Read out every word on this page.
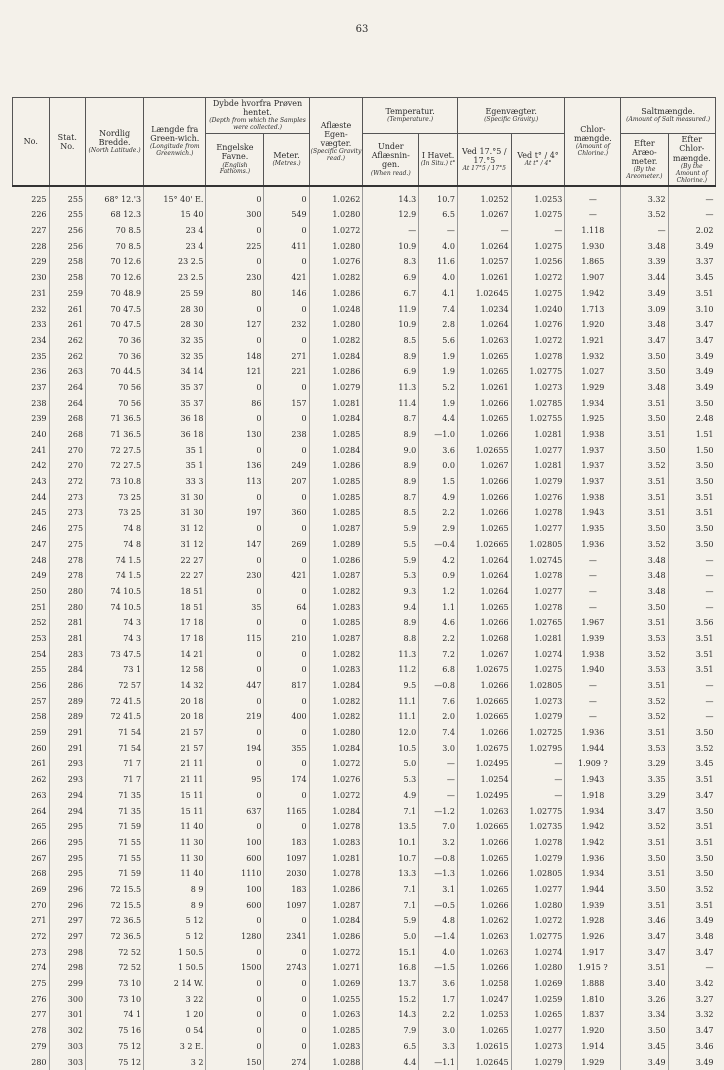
63
No.	Stat. No.	Nordlig Bredde.
(North Latitude.)	Længde fra Green-wich.
(Longitude from Greenwich.)	Dybde hvorfra Prøven hentet.
(Depth from which the Samples were collected.)		Aflæste Egen-vægter.
(Specific Gravity read.)	Temperatur.
(Temperature.)		Egenvægter.
(Specific Gravity.)		Chlor-mængde.
(Amount of Chlorine.)	Saltmængde.
(Amount of Salt measured.)	

				Engelske Favne.
(English Fathoms.)	Meter.
(Metres.)		Under Aflæsnin-gen.
(When read.)	I Havet.
(In Situ.) t°	Ved 17.°5 / 17.°5
At 17°5 / 17°5	Ved t° / 4°
At t° / 4°		Efter Aræo-meter.
(By the Areometer.)	Efter Chlor-mængde.
(By the Amount of Chlorine.)

225	255	68° 12.'3	15° 40' E.	0	0	1.0262	14.3	10.7	1.0252	1.0253	—	3.32	—
226	255	68 12.3	15 40	300	549	1.0280	12.9	6.5	1.0267	1.0275	—	3.52	—
227	256	70 8.5	23 4	0	0	1.0272	—	—	—	—	1.118	—	2.02
228	256	70 8.5	23 4	225	411	1.0280	10.9	4.0	1.0264	1.0275	1.930	3.48	3.49
229	258	70 12.6	23 2.5	0	0	1.0276	8.3	11.6	1.0257	1.0256	1.865	3.39	3.37
230	258	70 12.6	23 2.5	230	421	1.0282	6.9	4.0	1.0261	1.0272	1.907	3.44	3.45
231	259	70 48.9	25 59	80	146	1.0286	6.7	4.1	1.02645	1.0275	1.942	3.49	3.51
232	261	70 47.5	28 30	0	0	1.0248	11.9	7.4	1.0234	1.0240	1.713	3.09	3.10
233	261	70 47.5	28 30	127	232	1.0280	10.9	2.8	1.0264	1.0276	1.920	3.48	3.47
234	262	70 36	32 35	0	0	1.0282	8.5	5.6	1.0263	1.0272	1.921	3.47	3.47
235	262	70 36	32 35	148	271	1.0284	8.9	1.9	1.0265	1.0278	1.932	3.50	3.49
236	263	70 44.5	34 14	121	221	1.0286	6.9	1.9	1.0265	1.02775	1.027	3.50	3.49
237	264	70 56	35 37	0	0	1.0279	11.3	5.2	1.0261	1.0273	1.929	3.48	3.49
238	264	70 56	35 37	86	157	1.0281	11.4	1.9	1.0266	1.02785	1.934	3.51	3.50
239	268	71 36.5	36 18	0	0	1.0284	8.7	4.4	1.0265	1.02755	1.925	3.50	2.48
240	268	71 36.5	36 18	130	238	1.0285	8.9	—1.0	1.0266	1.0281	1.938	3.51	1.51
241	270	72 27.5	35 1	0	0	1.0284	9.0	3.6	1.02655	1.0277	1.937	3.50	1.50
242	270	72 27.5	35 1	136	249	1.0286	8.9	0.0	1.0267	1.0281	1.937	3.52	3.50
243	272	73 10.8	33 3	113	207	1.0285	8.9	1.5	1.0266	1.0279	1.937	3.51	3.50
244	273	73 25	31 30	0	0	1.0285	8.7	4.9	1.0266	1.0276	1.938	3.51	3.51
245	273	73 25	31 30	197	360	1.0285	8.5	2.2	1.0266	1.0278	1.943	3.51	3.51
246	275	74 8	31 12	0	0	1.0287	5.9	2.9	1.0265	1.0277	1.935	3.50	3.50
247	275	74 8	31 12	147	269	1.0289	5.5	—0.4	1.02665	1.02805	1.936	3.52	3.50
248	278	74 1.5	22 27	0	0	1.0286	5.9	4.2	1.0264	1.02745	—	3.48	—
249	278	74 1.5	22 27	230	421	1.0287	5.3	0.9	1.0264	1.0278	—	3.48	—
250	280	74 10.5	18 51	0	0	1.0282	9.3	1.2	1.0264	1.0277	—	3.48	—
251	280	74 10.5	18 51	35	64	1.0283	9.4	1.1	1.0265	1.0278	—	3.50	—
252	281	74 3	17 18	0	0	1.0285	8.9	4.6	1.0266	1.02765	1.967	3.51	3.56
253	281	74 3	17 18	115	210	1.0287	8.8	2.2	1.0268	1.0281	1.939	3.53	3.51
254	283	73 47.5	14 21	0	0	1.0282	11.3	7.2	1.0267	1.0274	1.938	3.52	3.51
255	284	73 1	12 58	0	0	1.0283	11.2	6.8	1.02675	1.0275	1.940	3.53	3.51
256	286	72 57	14 32	447	817	1.0284	9.5	—0.8	1.0266	1.02805	—	3.51	—
257	289	72 41.5	20 18	0	0	1.0282	11.1	7.6	1.02665	1.0273	—	3.52	—
258	289	72 41.5	20 18	219	400	1.0282	11.1	2.0	1.02665	1.0279	—	3.52	—
259	291	71 54	21 57	0	0	1.0280	12.0	7.4	1.0266	1.02725	1.936	3.51	3.50
260	291	71 54	21 57	194	355	1.0284	10.5	3.0	1.02675	1.02795	1.944	3.53	3.52
261	293	71 7	21 11	0	0	1.0272	5.0	—	1.02495	—	1.909 ?	3.29	3.45
262	293	71 7	21 11	95	174	1.0276	5.3	—	1.0254	—	1.943	3.35	3.51
263	294	71 35	15 11	0	0	1.0272	4.9	—	1.02495	—	1.918	3.29	3.47
264	294	71 35	15 11	637	1165	1.0284	7.1	—1.2	1.0263	1.02775	1.934	3.47	3.50
265	295	71 59	11 40	0	0	1.0278	13.5	7.0	1.02665	1.02735	1.942	3.52	3.51
266	295	71 55	11 30	100	183	1.0283	10.1	3.2	1.0266	1.0278	1.942	3.51	3.51
267	295	71 55	11 30	600	1097	1.0281	10.7	—0.8	1.0265	1.0279	1.936	3.50	3.50
268	295	71 59	11 40	1110	2030	1.0278	13.3	—1.3	1.0266	1.02805	1.934	3.51	3.50
269	296	72 15.5	8 9	100	183	1.0286	7.1	3.1	1.0265	1.0277	1.944	3.50	3.52
270	296	72 15.5	8 9	600	1097	1.0287	7.1	—0.5	1.0266	1.0280	1.939	3.51	3.51
271	297	72 36.5	5 12	0	0	1.0284	5.9	4.8	1.0262	1.0272	1.928	3.46	3.49
272	297	72 36.5	5 12	1280	2341	1.0286	5.0	—1.4	1.0263	1.02775	1.926	3.47	3.48
273	298	72 52	1 50.5	0	0	1.0272	15.1	4.0	1.0263	1.0274	1.917	3.47	3.47
274	298	72 52	1 50.5	1500	2743	1.0271	16.8	—1.5	1.0266	1.0280	1.915 ?	3.51	—
275	299	73 10	2 14 W.	0	0	1.0269	13.7	3.6	1.0258	1.0269	1.888	3.40	3.42
276	300	73 10	3 22	0	0	1.0255	15.2	1.7	1.0247	1.0259	1.810	3.26	3.27
277	301	74 1	1 20	0	0	1.0263	14.3	2.2	1.0253	1.0265	1.837	3.34	3.32
278	302	75 16	0 54	0	0	1.0285	7.9	3.0	1.0265	1.0277	1.920	3.50	3.47
279	303	75 12	3 2 E.	0	0	1.0283	6.5	3.3	1.02615	1.0273	1.914	3.45	3.46
280	303	75 12	3 2	150	274	1.0288	4.4	—1.1	1.02645	1.0279	1.929	3.49	3.49
